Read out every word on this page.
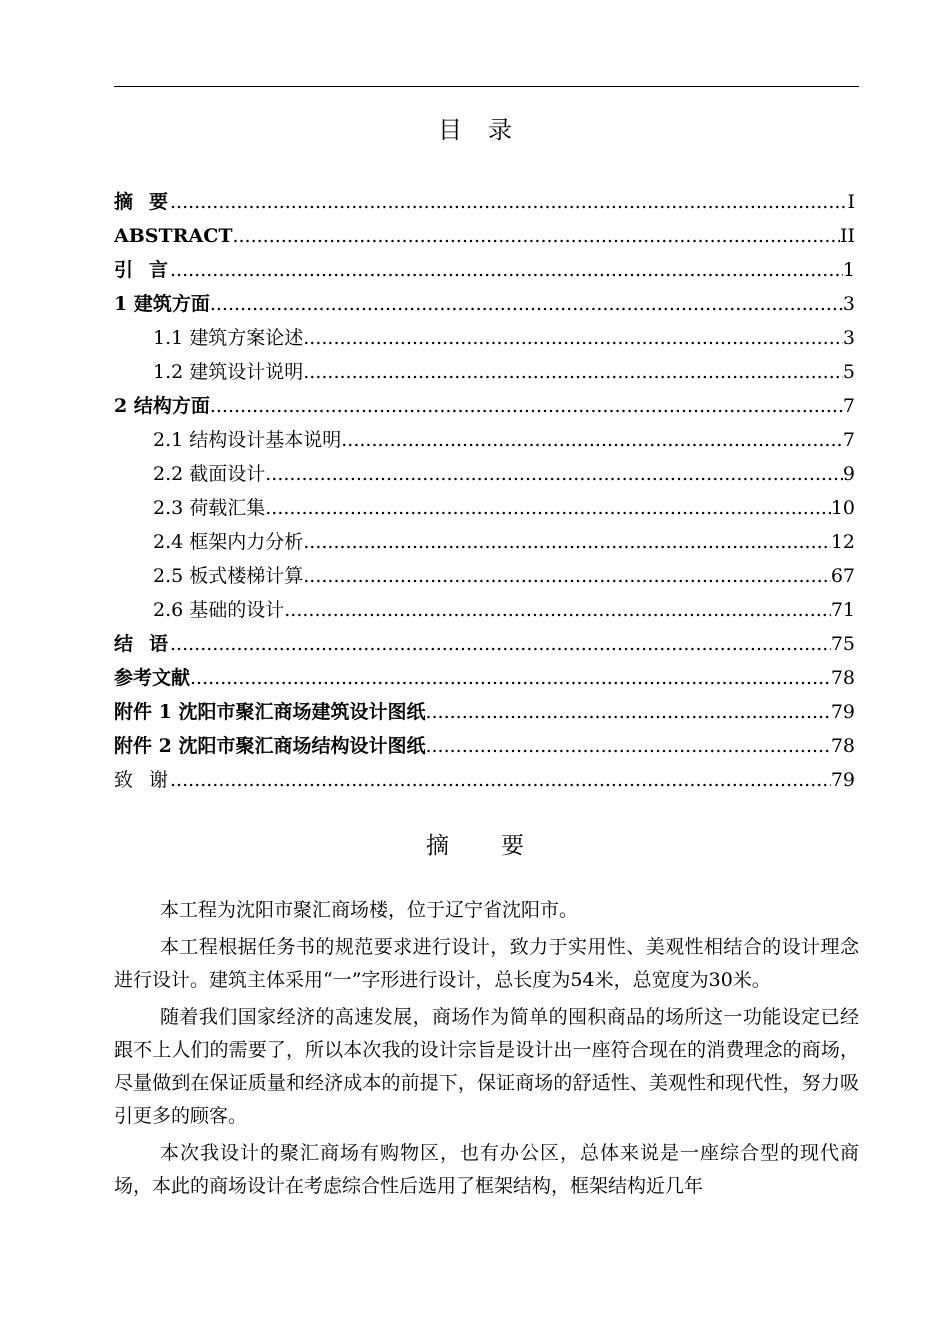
目录
摘要 .....	I
ABSTRACT .....	II
引言 .....	1
1 建筑方面 .....	3
1.1 建筑方案论述 .....	3
1.2 建筑设计说明 .....	5
2 结构方面 .....	7
2.1 结构设计基本说明 .....	7
2.2 截面设计 .....	9
2.3 荷载汇集 .....	10
2.4 框架内力分析 .....	12
2.5 板式楼梯计算 .....	67
2.6 基础的设计 .....	71
结语 .....	75
参考文献 .....	78
附件 1 沈阳市聚汇商场建筑设计图纸 .....	79
附件 2 沈阳市聚汇商场结构设计图纸 .....	78
致谢 .....	79
摘要

本工程为沈阳市聚汇商场楼，位于辽宁省沈阳市。

本工程根据任务书的规范要求进行设计，致力于实用性、美观性相结合的设计理念进行设计。建筑主体采用“一”字形进行设计，总长度为54米，总宽度为30米。

随着我们国家经济的高速发展，商场作为简单的囤积商品的场所这一功能设定已经跟不上人们的需要了，所以本次我的设计宗旨是设计出一座符合现在的消费理念的商场，尽量做到在保证质量和经济成本的前提下，保证商场的舒适性、美观性和现代性，努力吸引更多的顾客。

本次我设计的聚汇商场有购物区，也有办公区，总体来说是一座综合型的现代商场，本此的商场设计在考虑综合性后选用了框架结构，框架结构近几年
